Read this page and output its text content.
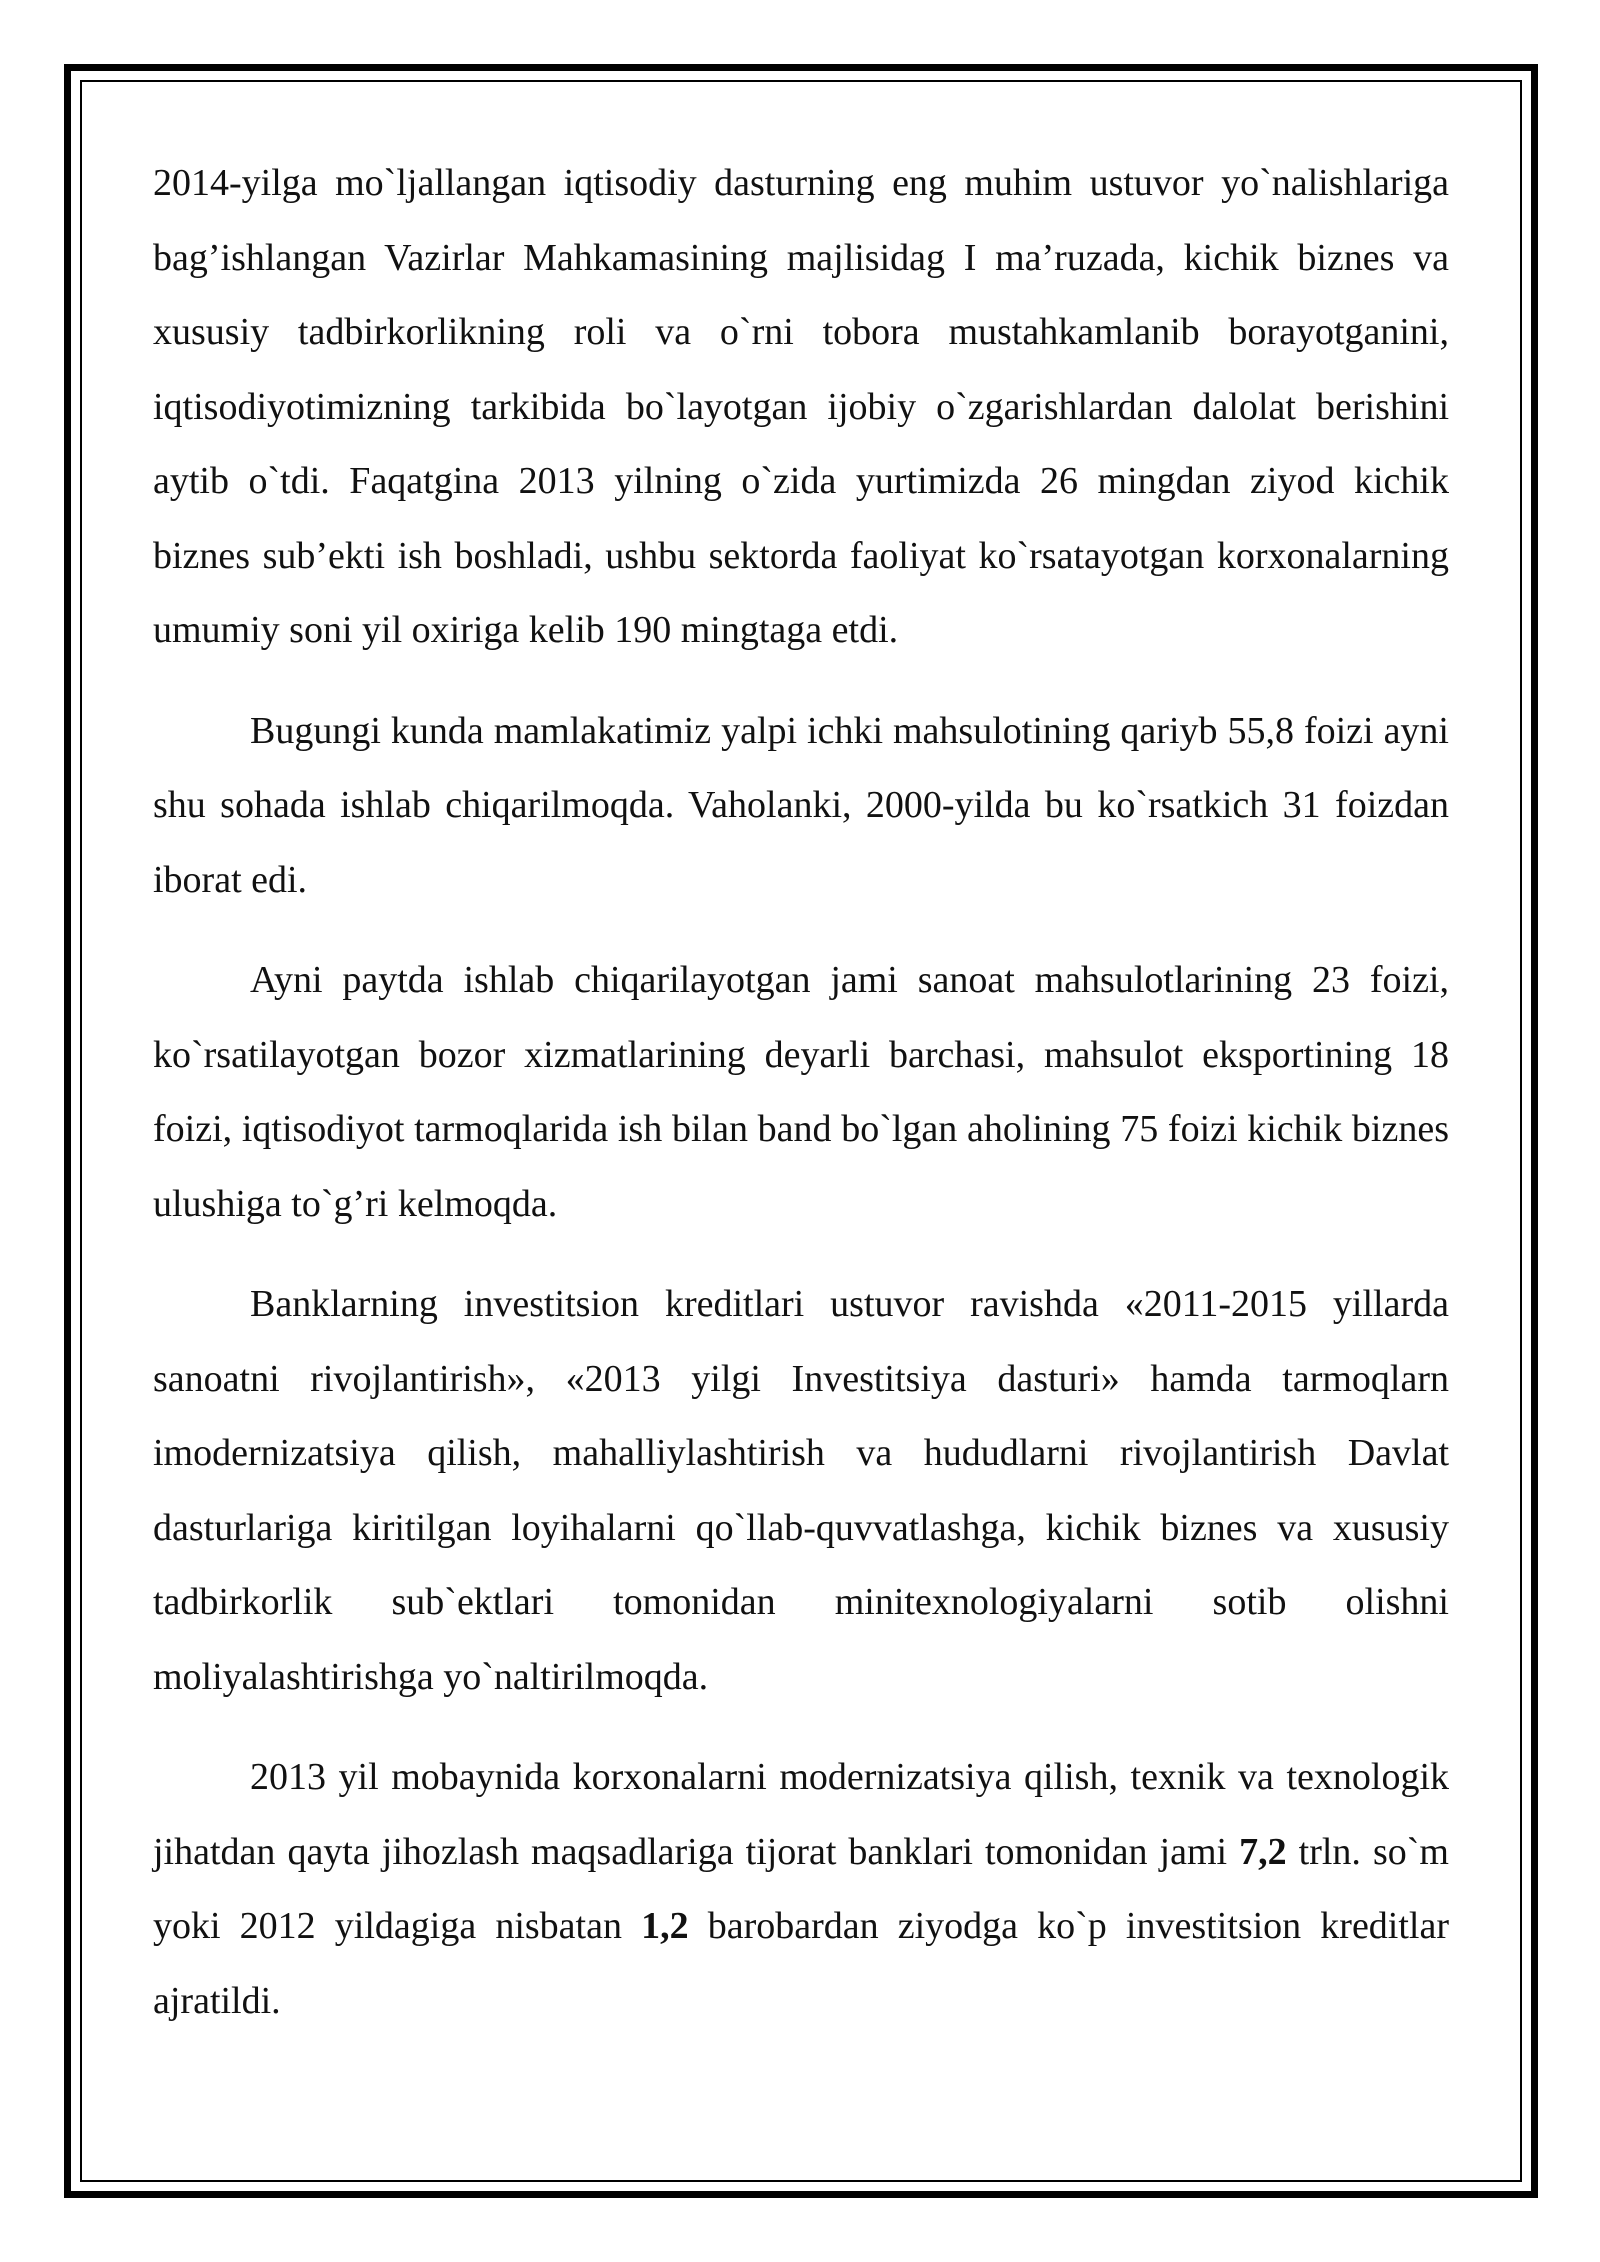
2014-yilga mo`ljallangan iqtisodiy dasturning eng muhim ustuvor yo`nalishlariga bag’ishlangan Vazirlar Mahkamasining majlisidag I ma’ruzada, kichik biznes va xususiy tadbirkorlikning roli va o`rni tobora mustahkamlanib borayotganini, iqtisodiyotimizning tarkibida bo`layotgan ijobiy o`zgarishlardan dalolat berishini aytib o`tdi. Faqatgina 2013 yilning o`zida yurtimizda 26 mingdan ziyod kichik biznes sub’ekti ish boshladi, ushbu sektorda faoliyat ko`rsatayotgan korxonalarning umumiy soni yil oxiriga kelib 190 mingtaga etdi.

Bugungi kunda mamlakatimiz yalpi ichki mahsulotining qariyb 55,8 foizi ayni shu sohada ishlab chiqarilmoqda. Vaholanki, 2000-yilda bu ko`rsatkich 31 foizdan iborat edi.

Ayni paytda ishlab chiqarilayotgan jami sanoat mahsulotlarining 23 foizi, ko`rsatilayotgan bozor xizmatlarining deyarli barchasi, mahsulot eksportining 18 foizi, iqtisodiyot tarmoqlarida ish bilan band bo`lgan aholining 75 foizi kichik biznes ulushiga to`g’ri kelmoqda.

Banklarning investitsion kreditlari ustuvor ravishda «2011-2015 yillarda sanoatni rivojlantirish», «2013 yilgi Investitsiya dasturi» hamda tarmoqlarn imodernizatsiya qilish, mahalliylashtirish va hududlarni rivojlantirish Davlat dasturlariga kiritilgan loyihalarni qo`llab-quvvatlashga, kichik biznes va xususiy tadbirkorlik sub`ektlari tomonidan minitexnologiyalarni sotib olishni moliyalashtirishga yo`naltirilmoqda.

2013 yil mobaynida korxonalarni modernizatsiya qilish, texnik va texnologik jihatdan qayta jihozlash maqsadlariga tijorat banklari tomonidan jami 7,2 trln. so`m yoki 2012 yildagiga nisbatan 1,2 barobardan ziyodga ko`p investitsion kreditlar ajratildi.
